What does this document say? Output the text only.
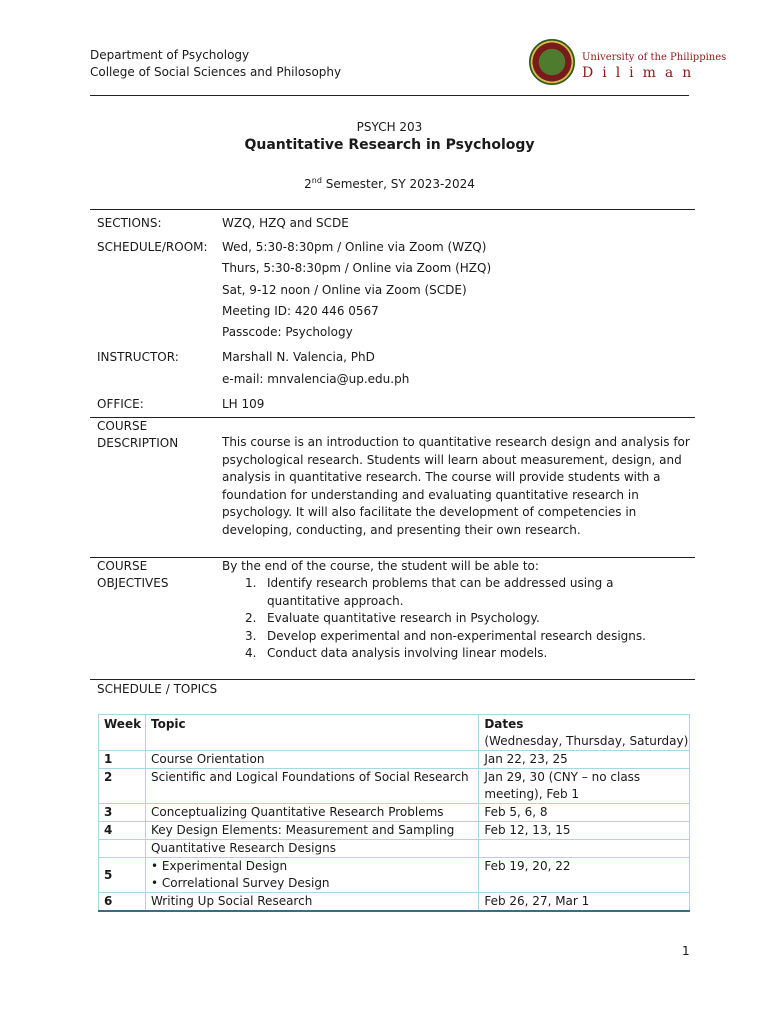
Department of Psychology
College of Social Sciences and Philosophy
University of the Philippines
Diliman
PSYCH 203
Quantitative Research in Psychology
2nd Semester, SY 2023-2024
SECTIONS:	WZQ, HZQ and SCDE
SCHEDULE/ROOM: Wed, 5:30-8:30pm / Online via Zoom (WZQ)
Thurs, 5:30-8:30pm / Online via Zoom (HZQ)
Sat, 9-12 noon / Online via Zoom (SCDE)
Meeting ID: 420 446 0567
Passcode: Psychology
INSTRUCTOR:	Marshall N. Valencia, PhD
e-mail: mnvalencia@up.edu.ph
OFFICE:	LH 109
COURSE
DESCRIPTION	This course is an introduction to quantitative research design and analysis for psychological research. Students will learn about measurement, design, and analysis in quantitative research. The course will provide students with a foundation for understanding and evaluating quantitative research in psychology. It will also facilitate the development of competencies in developing, conducting, and presenting their own research.
COURSE
OBJECTIVES
By the end of the course, the student will be able to:
1. Identify research problems that can be addressed using a quantitative approach.
2. Evaluate quantitative research in Psychology.
3. Develop experimental and non-experimental research designs.
4. Conduct data analysis involving linear models.
SCHEDULE / TOPICS
Week	Topic	Dates
(Wednesday, Thursday, Saturday)

1	Course Orientation	Jan 22, 23, 25
2	Scientific and Logical Foundations of Social Research	Jan 29, 30 (CNY – no class meeting), Feb 1
3	Conceptualizing Quantitative Research Problems	Feb 5, 6, 8
4	Key Design Elements: Measurement and Sampling	Feb 12, 13, 15
	Quantitative Research Designs	
5	• Experimental Design
• Correlational Survey Design	Feb 19, 20, 22
6	Writing Up Social Research	Feb 26, 27, Mar 1
1
